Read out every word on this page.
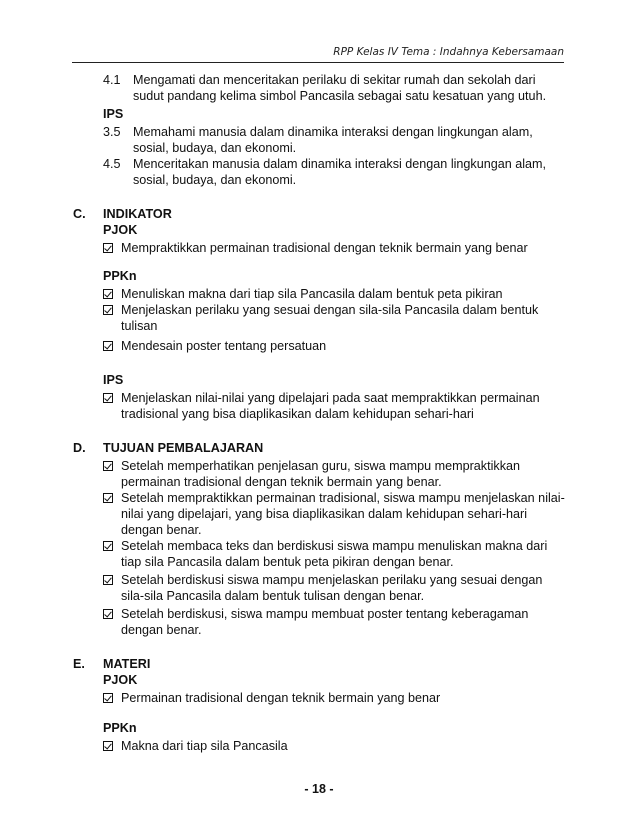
RPP Kelas IV Tema : Indahnya Kebersamaan
4.1 Mengamati dan menceritakan perilaku di sekitar rumah dan sekolah dari
sudut pandang kelima simbol Pancasila sebagai satu kesatuan yang utuh.
IPS
3.5 Memahami manusia dalam dinamika interaksi dengan lingkungan alam,
sosial, budaya, dan ekonomi.
4.5 Menceritakan manusia dalam dinamika interaksi dengan lingkungan alam,
sosial, budaya, dan ekonomi.
C. INDIKATOR
PJOK
Mempraktikkan permainan tradisional dengan teknik bermain yang benar
PPKn
Menuliskan makna dari tiap sila Pancasila dalam bentuk peta pikiran
Menjelaskan perilaku yang sesuai dengan sila-sila Pancasila dalam bentuk
tulisan
Mendesain poster tentang persatuan
IPS
Menjelaskan nilai-nilai yang dipelajari pada saat mempraktikkan permainan
tradisional yang bisa diaplikasikan dalam kehidupan sehari-hari
D. TUJUAN PEMBALAJARAN
Setelah memperhatikan penjelasan guru, siswa mampu mempraktikkan
permainan tradisional dengan teknik bermain yang benar.
Setelah mempraktikkan permainan tradisional, siswa mampu menjelaskan nilai-
nilai yang dipelajari, yang bisa diaplikasikan dalam kehidupan sehari-hari
dengan benar.
Setelah membaca teks dan berdiskusi siswa mampu menuliskan makna dari
tiap sila Pancasila dalam bentuk peta pikiran dengan benar.
Setelah berdiskusi siswa mampu menjelaskan perilaku yang sesuai dengan
sila-sila Pancasila dalam bentuk tulisan dengan benar.
Setelah berdiskusi, siswa mampu membuat poster tentang keberagaman
dengan benar.
E. MATERI
PJOK
Permainan tradisional dengan teknik bermain yang benar
PPKn
Makna dari tiap sila Pancasila
- 18 -
